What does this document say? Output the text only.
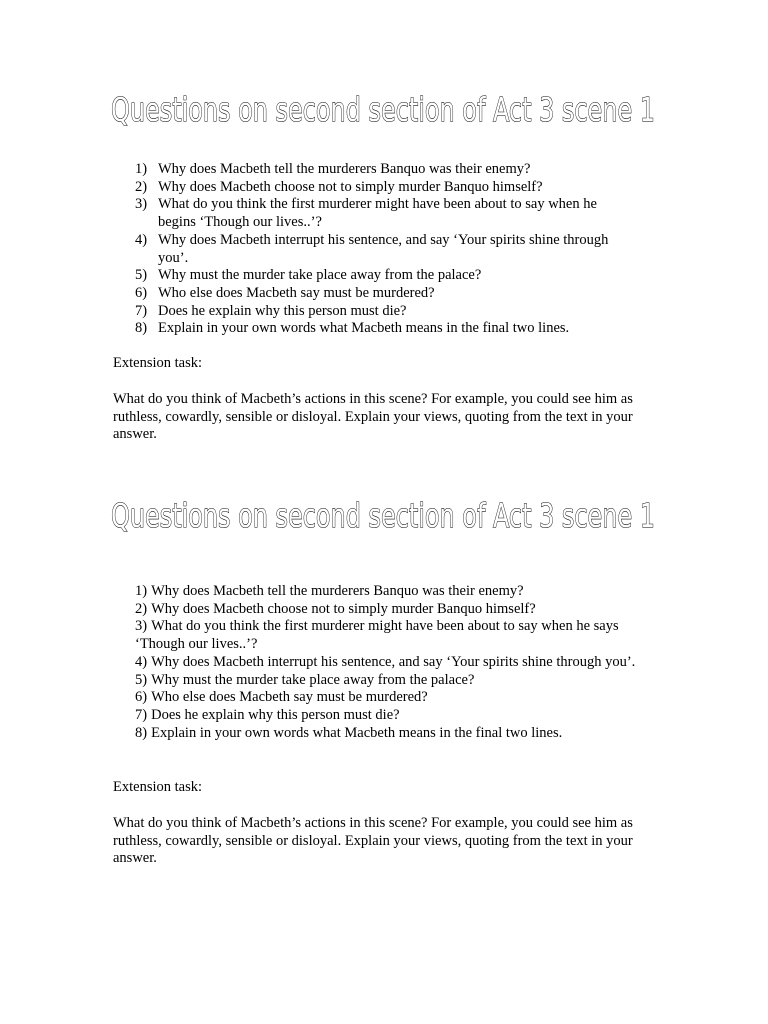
Questions on second section of Act 3 scene 1
1) Why does Macbeth tell the murderers Banquo was their enemy?
2) Why does Macbeth choose not to simply murder Banquo himself?
3) What do you think the first murderer might have been about to say when he begins ‘Though our lives..’?
4) Why does Macbeth interrupt his sentence, and say ‘Your spirits shine through you’.
5) Why must the murder take place away from the palace?
6) Who else does Macbeth say must be murdered?
7) Does he explain why this person must die?
8) Explain in your own words what Macbeth means in the final two lines.

Extension task:

What do you think of Macbeth’s actions in this scene? For example, you could see him as ruthless, cowardly, sensible or disloyal. Explain your views, quoting from the text in your answer.

Questions on second section of Act 3 scene 1
1) Why does Macbeth tell the murderers Banquo was their enemy?
2) Why does Macbeth choose not to simply murder Banquo himself?
3) What do you think the first murderer might have been about to say when he says ‘Though our lives..’?
4) Why does Macbeth interrupt his sentence, and say ‘Your spirits shine through you’.
5) Why must the murder take place away from the palace?
6) Who else does Macbeth say must be murdered?
7) Does he explain why this person must die?
8) Explain in your own words what Macbeth means in the final two lines.

Extension task:

What do you think of Macbeth’s actions in this scene? For example, you could see him as ruthless, cowardly, sensible or disloyal. Explain your views, quoting from the text in your answer.
